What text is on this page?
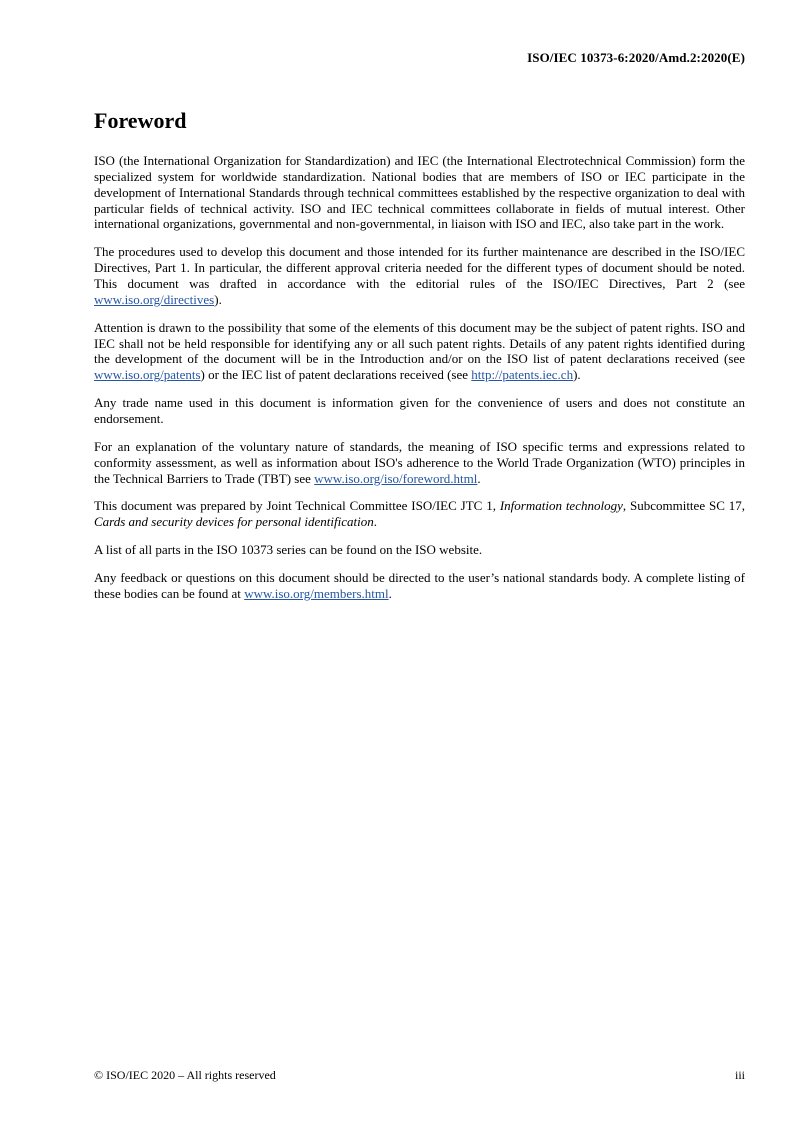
ISO/IEC 10373-6:2020/Amd.2:2020(E)
Foreword

ISO (the International Organization for Standardization) and IEC (the International Electrotechnical Commission) form the specialized system for worldwide standardization. National bodies that are members of ISO or IEC participate in the development of International Standards through technical committees established by the respective organization to deal with particular fields of technical activity. ISO and IEC technical committees collaborate in fields of mutual interest. Other international organizations, governmental and non-governmental, in liaison with ISO and IEC, also take part in the work.

The procedures used to develop this document and those intended for its further maintenance are described in the ISO/IEC Directives, Part 1. In particular, the different approval criteria needed for the different types of document should be noted. This document was drafted in accordance with the editorial rules of the ISO/IEC Directives, Part 2 (see www.iso.org/directives).

Attention is drawn to the possibility that some of the elements of this document may be the subject of patent rights. ISO and IEC shall not be held responsible for identifying any or all such patent rights. Details of any patent rights identified during the development of the document will be in the Introduction and/or on the ISO list of patent declarations received (see www.iso.org/patents) or the IEC list of patent declarations received (see http://patents.iec.ch).

Any trade name used in this document is information given for the convenience of users and does not constitute an endorsement.

For an explanation of the voluntary nature of standards, the meaning of ISO specific terms and expressions related to conformity assessment, as well as information about ISO's adherence to the World Trade Organization (WTO) principles in the Technical Barriers to Trade (TBT) see www.iso.org/iso/foreword.html.

This document was prepared by Joint Technical Committee ISO/IEC JTC 1, Information technology, Subcommittee SC 17, Cards and security devices for personal identification.

A list of all parts in the ISO 10373 series can be found on the ISO website.

Any feedback or questions on this document should be directed to the user’s national standards body. A complete listing of these bodies can be found at www.iso.org/members.html.

© ISO/IEC 2020 – All rights reserved	iii
